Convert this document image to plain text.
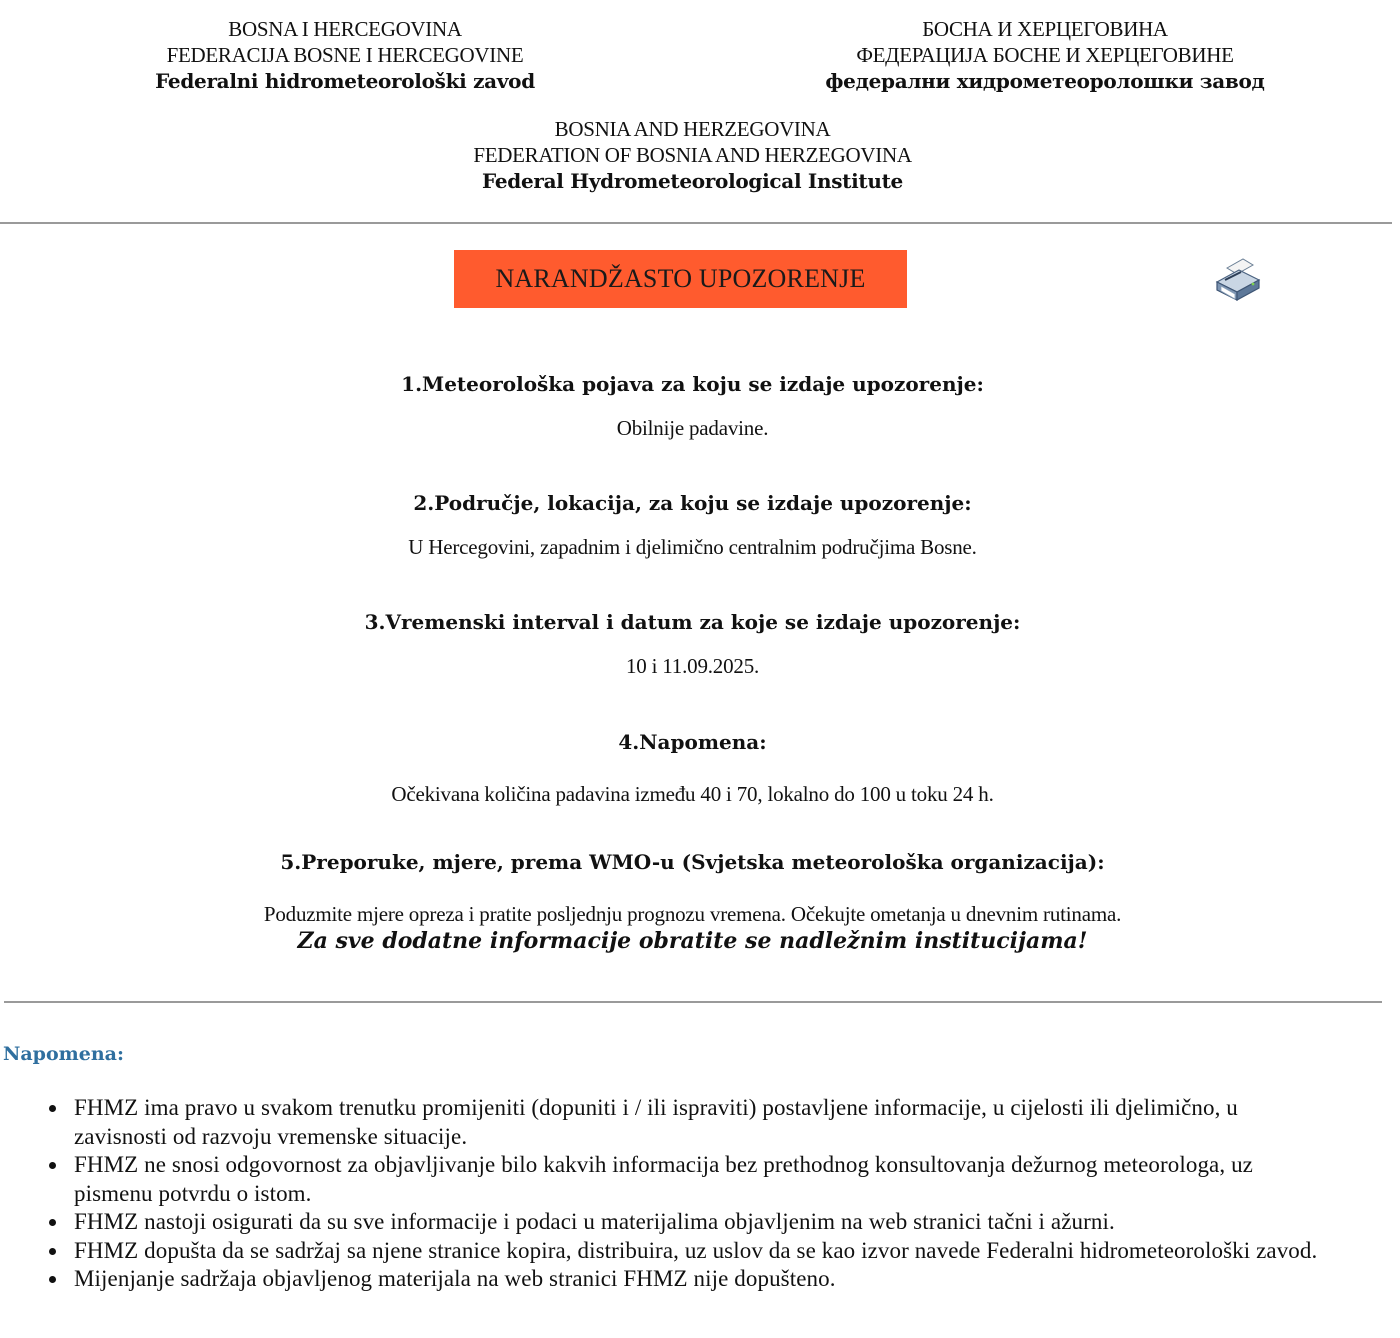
BOSNA I HERCEGOVINA
FEDERACIJA BOSNE I HERCEGOVINE
Federalni hidrometeorološki zavod
БОСНА И ХЕРЦЕГОВИНА
ФЕДЕРАЦИЈА БОСНЕ И ХЕРЦЕГОВИНЕ
федерални хидрометеоролошки завод
BOSNIA AND HERZEGOVINA
FEDERATION OF BOSNIA AND HERZEGOVINA
Federal Hydrometeorological Institute
NARANDŽASTO UPOZORENJE
1.Meteorološka pojava za koju se izdaje upozorenje:
Obilnije padavine.
2.Područje, lokacija, za koju se izdaje upozorenje:
U Hercegovini, zapadnim i djelimično centralnim područjima Bosne.
3.Vremenski interval i datum za koje se izdaje upozorenje:
10 i 11.09.2025.
4.Napomena:
Očekivana količina padavina između 40 i 70, lokalno do 100 u toku 24 h.
5.Preporuke, mjere, prema WMO-u (Svjetska meteorološka organizacija):
Poduzmite mjere opreza i pratite posljednju prognozu vremena. Očekujte ometanja u dnevnim rutinama.
Za sve dodatne informacije obratite se nadležnim institucijama!
Napomena:
FHMZ ima pravo u svakom trenutku promijeniti (dopuniti i / ili ispraviti) postavljene informacije, u cijelosti ili djelimično, u zavisnosti od razvoju vremenske situacije.
FHMZ ne snosi odgovornost za objavljivanje bilo kakvih informacija bez prethodnog konsultovanja dežurnog meteorologa, uz pismenu potvrdu o istom.
FHMZ nastoji osigurati da su sve informacije i podaci u materijalima objavljenim na web stranici tačni i ažurni.
FHMZ dopušta da se sadržaj sa njene stranice kopira, distribuira, uz uslov da se kao izvor navede Federalni hidrometeorološki zavod.
Mijenjanje sadržaja objavljenog materijala na web stranici FHMZ nije dopušteno.
